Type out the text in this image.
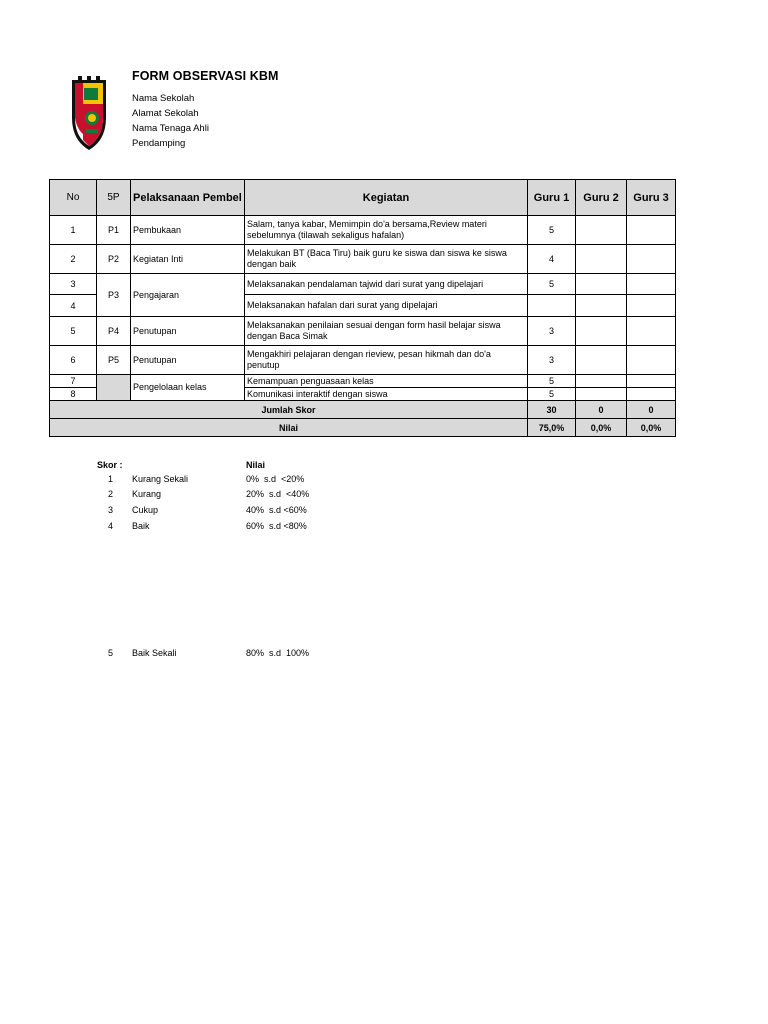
FORM OBSERVASI KBM
Nama Sekolah
Alamat Sekolah
Nama Tenaga Ahli
Pendamping
No	5P	Pelaksanaan Pembel	Kegiatan	Guru 1	Guru 2	Guru 3
1	P1	Pembukaan	Salam, tanya kabar, Memimpin do'a bersama,Review materi sebelumnya (tilawah sekaligus hafalan)	5		
2	P2	Kegiatan Inti	Melakukan BT (Baca Tiru) baik guru ke siswa dan siswa ke siswa dengan baik	4		
3	P3	Pengajaran	Melaksanakan pendalaman tajwid dari surat yang dipelajari	5		
4			Melaksanakan hafalan dari surat yang dipelajari			
5	P4	Penutupan	Melaksanakan penilaian sesuai dengan form hasil belajar siswa dengan Baca Simak	3		
6	P5	Penutupan	Mengakhiri pelajaran dengan rieview, pesan hikmah dan do'a penutup	3		
7		Pengelolaan kelas	Kemampuan penguasaan kelas	5		
8			Komunikasi interaktif dengan siswa	5		
Jumlah Skor				30	0	0
Nilai				75,0%	0,0%	0,0%
Skor :	Nilai
1 Kurang Sekali	0%  s.d  <20%
2 Kurang	20%  s.d  <40%
3 Cukup	40%  s.d <60%
4 Baik	60%  s.d <80%
5 Baik Sekali	80%  s.d  100%
